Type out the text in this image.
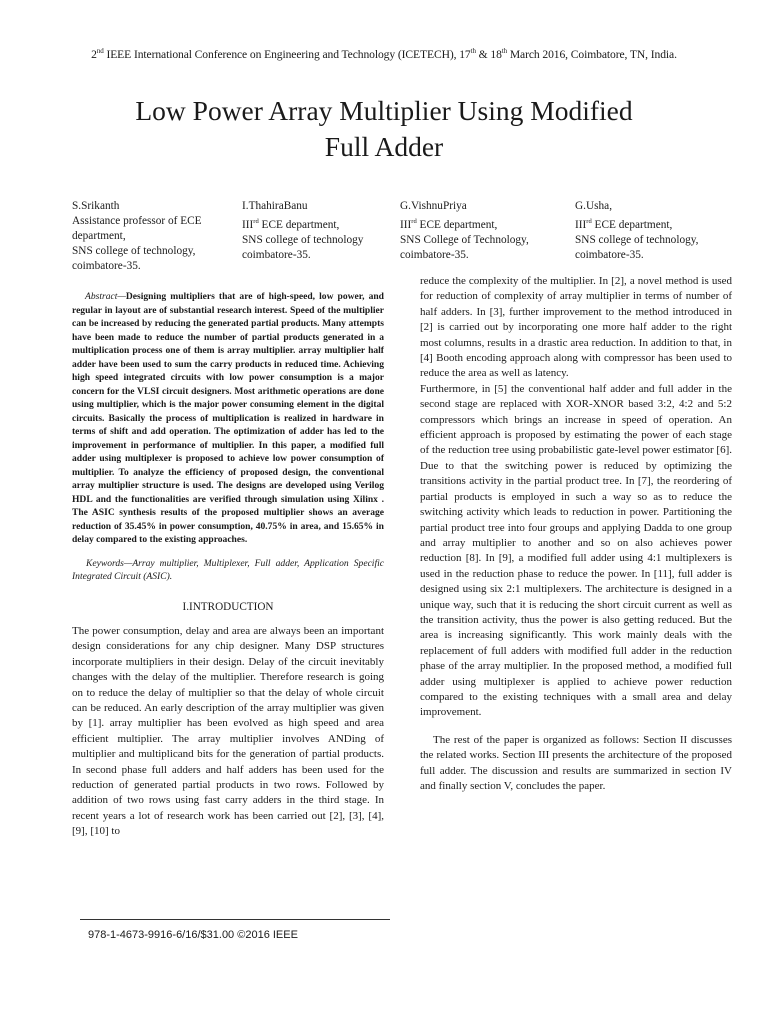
2nd IEEE International Conference on Engineering and Technology (ICETECH), 17th & 18th March 2016, Coimbatore, TN, India.
Low Power Array Multiplier Using Modified
Full Adder
S.Srikanth
Assistance professor of ECE
department,
SNS college of technology,
coimbatore-35.
I.ThahiraBanu
IIIrd ECE department,
SNS college of technology
coimbatore-35.
G.VishnuPriya
IIIrd ECE department,
SNS College of Technology,
coimbatore-35.
G.Usha,
IIIrd ECE department,
SNS college of technology,
coimbatore-35.

Abstract—Designing multipliers that are of high-speed, low power, and regular in layout are of substantial research interest. Speed of the multiplier can be increased by reducing the generated partial products. Many attempts have been made to reduce the number of partial products generated in a multiplication process one of them is array multiplier. array multiplier half adder have been used to sum the carry products in reduced time. Achieving high speed integrated circuits with low power consumption is a major concern for the VLSI circuit designers. Most arithmetic operations are done using multiplier, which is the major power consuming element in the digital circuits. Basically the process of multiplication is realized in hardware in terms of shift and add operation. The optimization of adder has led to the improvement in performance of multiplier. In this paper, a modified full adder using multiplexer is proposed to achieve low power consumption of multiplier. To analyze the efficiency of proposed design, the conventional array multiplier structure is used. The designs are developed using Verilog HDL and the functionalities are verified through simulation using Xilinx . The ASIC synthesis results of the proposed multiplier shows an average reduction of 35.45% in power consumption, 40.75% in area, and 15.65% in delay compared to the existing approaches.

Keywords—Array multiplier, Multiplexer, Full adder, Application Specific Integrated Circuit (ASIC).

I.INTRODUCTION

The power consumption, delay and area are always been an important design considerations for any chip designer. Many DSP structures incorporate multipliers in their design. Delay of the circuit inevitably changes with the delay of the multiplier. Therefore research is going on to reduce the delay of multiplier so that the delay of whole circuit can be reduced. An early description of the array multiplier was given by [1]. array multiplier has been evolved as high speed and area efficient multiplier. The array multiplier involves ANDing of multiplier and multiplicand bits for the generation of partial products. In second phase full adders and half adders has been used for the reduction of generated partial products in two rows. Followed by addition of two rows using fast carry adders in the third stage. In recent years a lot of research work has been carried out [2], [3], [4], [9], [10] to

reduce the complexity of the multiplier. In [2], a novel method is used for reduction of complexity of array multiplier in terms of number of half adders. In [3], further improvement to the method introduced in [2] is carried out by incorporating one more half adder to the right most columns, results in a drastic area reduction. In addition to that, in [4] Booth encoding approach along with compressor has been used to reduce the area as well as latency.

Furthermore, in [5] the conventional half adder and full adder in the second stage are replaced with XOR-XNOR based 3:2, 4:2 and 5:2 compressors which brings an increase in speed of operation. An efficient approach is proposed by estimating the power of each stage of the reduction tree using probabilistic gate-level power estimator [6]. Due to that the switching power is reduced by optimizing the transitions activity in the partial product tree. In [7], the reordering of partial products is employed in such a way so as to reduce the switching activity which leads to reduction in power. Partitioning the partial product tree into four groups and applying Dadda to one group and array multiplier to another and so on also achieves power reduction [8]. In [9], a modified full adder using 4:1 multiplexers is used in the reduction phase to reduce the power. In [11], full adder is designed using six 2:1 multiplexers. The architecture is designed in a unique way, such that it is reducing the short circuit current as well as the transition activity, thus the power is also getting reduced. But the area is increasing significantly. This work mainly deals with the replacement of full adders with modified full adder in the reduction phase of the array multiplier. In the proposed method, a modified full adder using multiplexer is applied to achieve power reduction compared to the existing techniques with a small area and delay improvement.

The rest of the paper is organized as follows: Section II discusses the related works. Section III presents the architecture of the proposed full adder. The discussion and results are summarized in section IV and finally section V, concludes the paper.

978-1-4673-9916-6/16/$31.00 ©2016 IEEE
